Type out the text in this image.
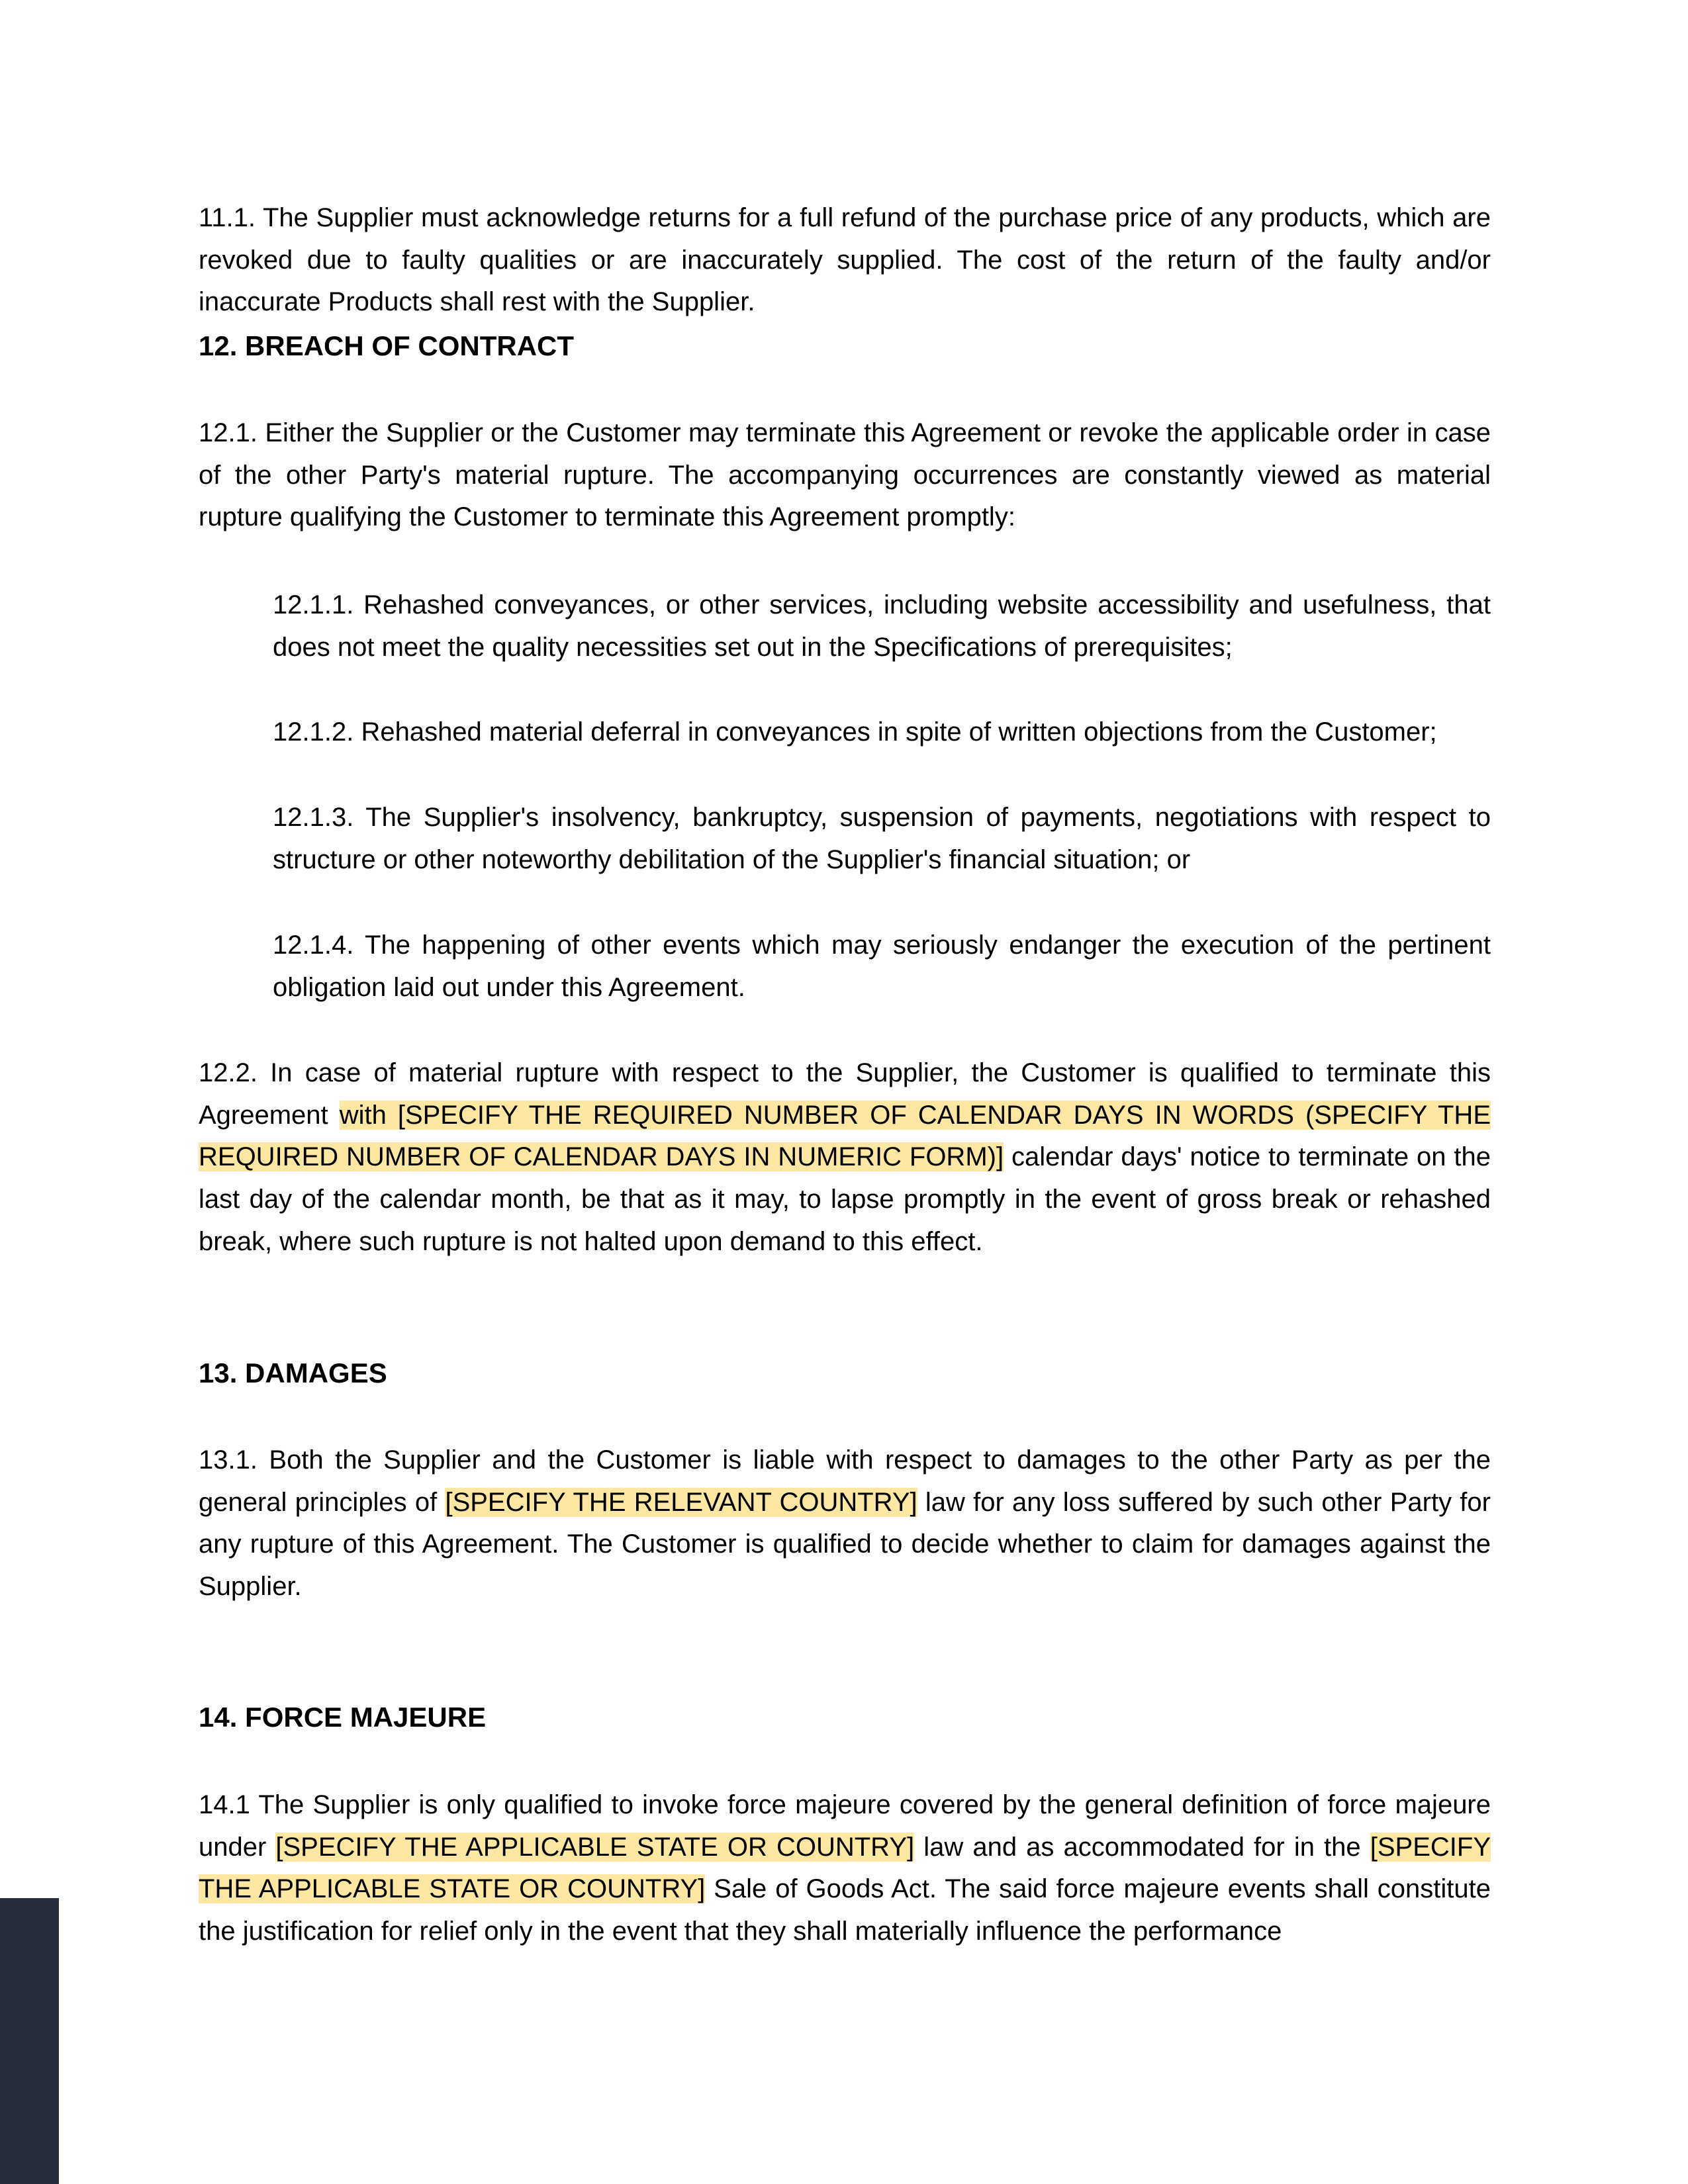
11.1. The Supplier must acknowledge returns for a full refund of the purchase price of any products, which are revoked due to faulty qualities or are inaccurately supplied. The cost of the return of the faulty and/or inaccurate Products shall rest with the Supplier.

12. BREACH OF CONTRACT

12.1. Either the Supplier or the Customer may terminate this Agreement or revoke the applicable order in case of the other Party's material rupture. The accompanying occurrences are constantly viewed as material rupture qualifying the Customer to terminate this Agreement promptly:

12.1.1. Rehashed conveyances, or other services, including website accessibility and usefulness, that does not meet the quality necessities set out in the Specifications of prerequisites;

12.1.2. Rehashed material deferral in conveyances in spite of written objections from the Customer;

12.1.3. The Supplier's insolvency, bankruptcy, suspension of payments, negotiations with respect to structure or other noteworthy debilitation of the Supplier's financial situation; or

12.1.4. The happening of other events which may seriously endanger the execution of the pertinent obligation laid out under this Agreement.

12.2. In case of material rupture with respect to the Supplier, the Customer is qualified to terminate this Agreement with [SPECIFY THE REQUIRED NUMBER OF CALENDAR DAYS IN WORDS (SPECIFY THE REQUIRED NUMBER OF CALENDAR DAYS IN NUMERIC FORM)] calendar days' notice to terminate on the last day of the calendar month, be that as it may, to lapse promptly in the event of gross break or rehashed break, where such rupture is not halted upon demand to this effect.

13. DAMAGES

13.1. Both the Supplier and the Customer is liable with respect to damages to the other Party as per the general principles of [SPECIFY THE RELEVANT COUNTRY] law for any loss suffered by such other Party for any rupture of this Agreement. The Customer is qualified to decide whether to claim for damages against the Supplier.

14. FORCE MAJEURE

14.1 The Supplier is only qualified to invoke force majeure covered by the general definition of force majeure under [SPECIFY THE APPLICABLE STATE OR COUNTRY] law and as accommodated for in the [SPECIFY THE APPLICABLE STATE OR COUNTRY] Sale of Goods Act. The said force majeure events shall constitute the justification for relief only in the event that they shall materially influence the performance
